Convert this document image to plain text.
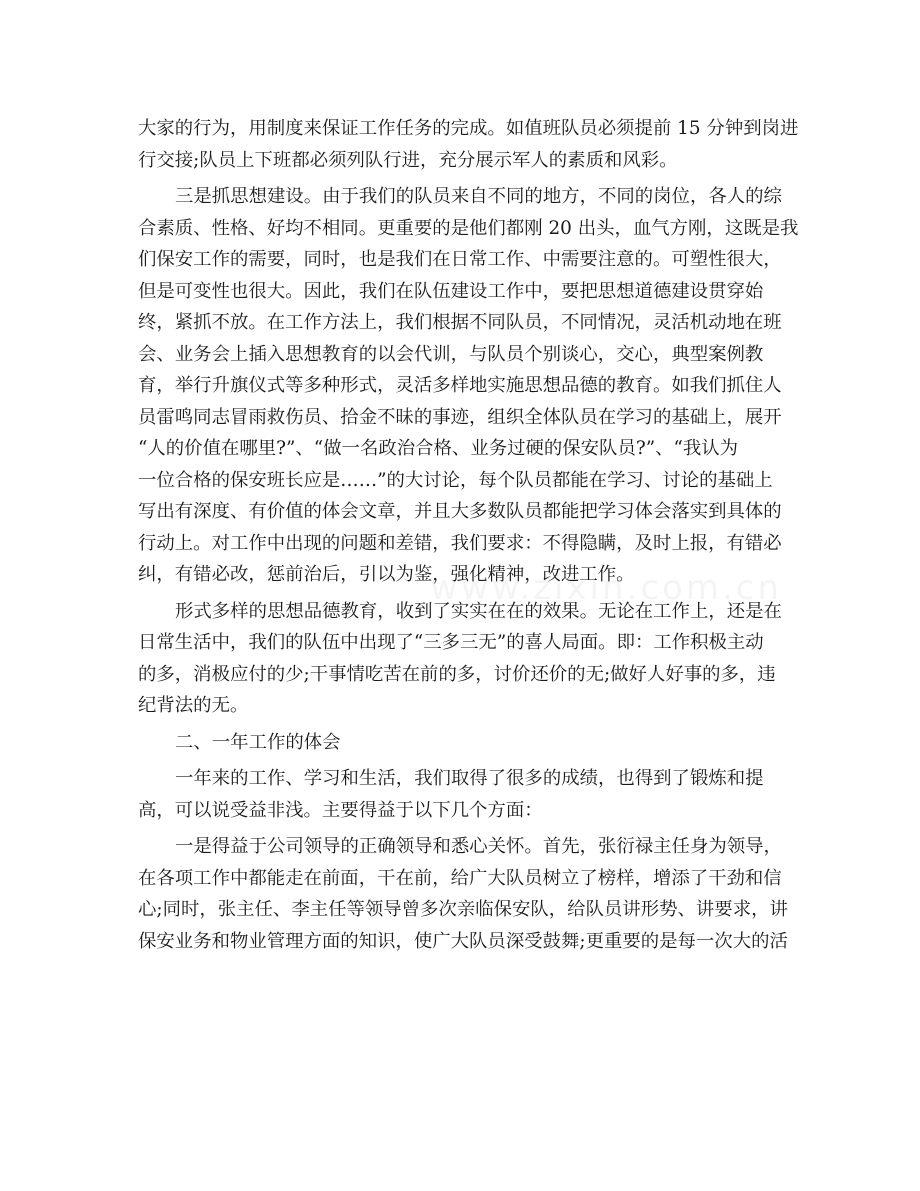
大家的行为，用制度来保证工作任务的完成。如值班队员必须提前 15 分钟到岗进
行交接;队员上下班都必须列队行进，充分展示军人的素质和风彩。
三是抓思想建设。由于我们的队员来自不同的地方，不同的岗位，各人的综
合素质、性格、好均不相同。更重要的是他们都刚 20 出头，血气方刚，这既是我
们保安工作的需要，同时，也是我们在日常工作、中需要注意的。可塑性很大，
但是可变性也很大。因此，我们在队伍建设工作中，要把思想道德建设贯穿始
终，紧抓不放。在工作方法上，我们根据不同队员，不同情况，灵活机动地在班
会、业务会上插入思想教育的以会代训，与队员个别谈心，交心，典型案例教
育，举行升旗仪式等多种形式，灵活多样地实施思想品德的教育。如我们抓住人
员雷鸣同志冒雨救伤员、拾金不昧的事迹，组织全体队员在学习的基础上，展开
“人的价值在哪里?”、“做一名政治合格、业务过硬的保安队员?”、“我认为
一位合格的保安班长应是……”的大讨论，每个队员都能在学习、讨论的基础上
写出有深度、有价值的体会文章，并且大多数队员都能把学习体会落实到具体的
行动上。对工作中出现的问题和差错，我们要求：不得隐瞒，及时上报，有错必
纠，有错必改，惩前治后，引以为鉴，强化精神，改进工作。
形式多样的思想品德教育，收到了实实在在的效果。无论在工作上，还是在
日常生活中，我们的队伍中出现了“三多三无”的喜人局面。即：工作积极主动
的多，消极应付的少;干事情吃苦在前的多，讨价还价的无;做好人好事的多，违
纪背法的无。
二、一年工作的体会
一年来的工作、学习和生活，我们取得了很多的成绩，也得到了锻炼和提
高，可以说受益非浅。主要得益于以下几个方面：
一是得益于公司领导的正确领导和悉心关怀。首先，张衍禄主任身为领导，
在各项工作中都能走在前面，干在前，给广大队员树立了榜样，增添了干劲和信
心;同时，张主任、李主任等领导曾多次亲临保安队，给队员讲形势、讲要求，讲
保安业务和物业管理方面的知识，使广大队员深受鼓舞;更重要的是每一次大的活
